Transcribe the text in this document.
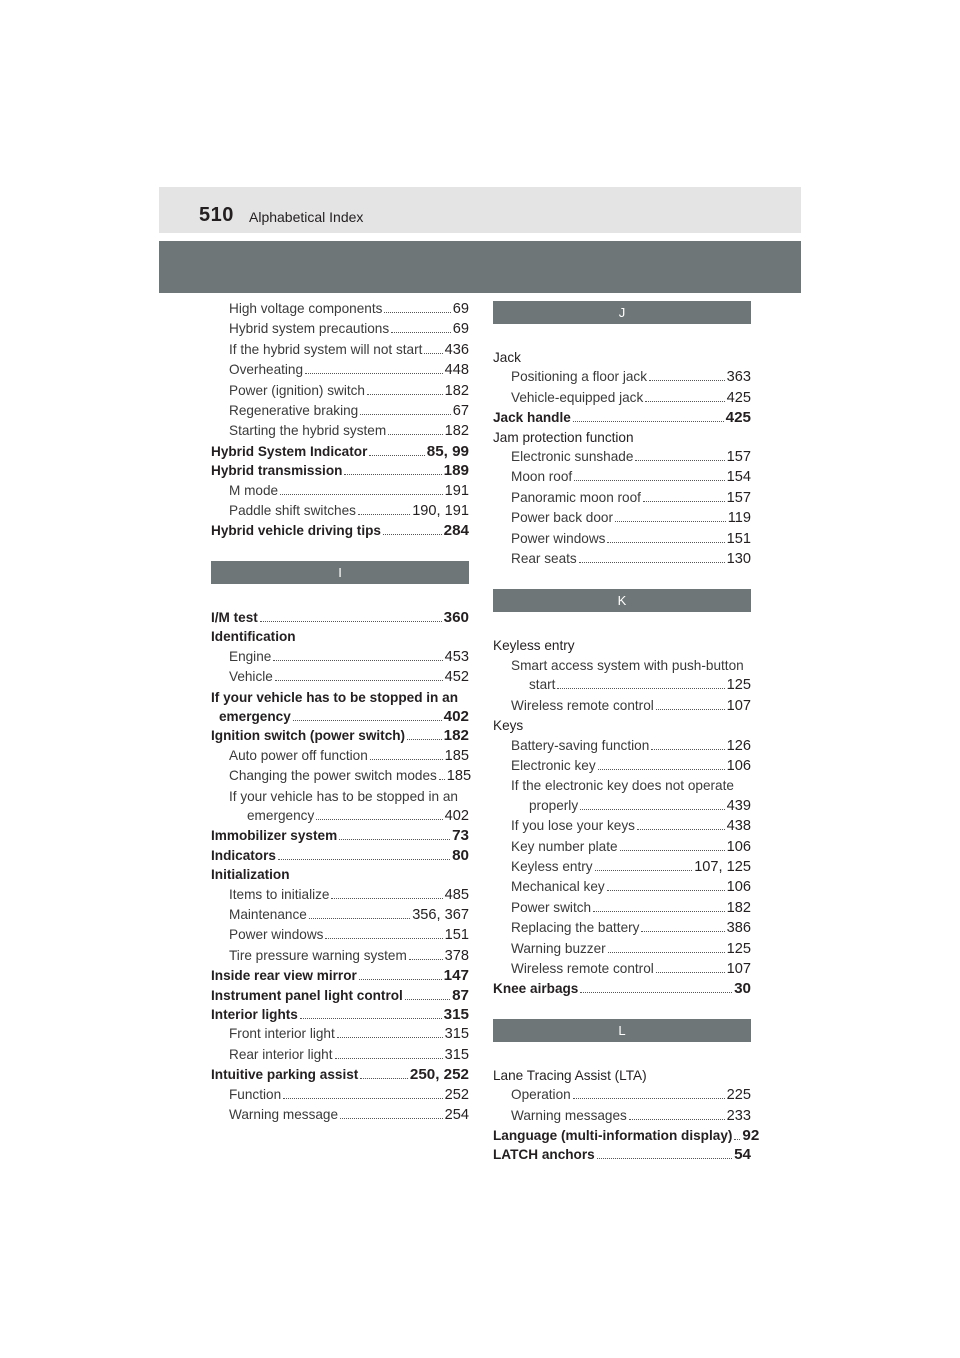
510 Alphabetical Index
High voltage components	69
Hybrid system precautions	69
If the hybrid system will not start 436
Overheating	448
Power (ignition) switch	182
Regenerative braking	67
Starting the hybrid system	182
Hybrid System Indicator	85, 99
Hybrid transmission	189
M mode	191
Paddle shift switches	190, 191
Hybrid vehicle driving tips	284
I
I/M test	360
Identification
Engine	453
Vehicle	452
If your vehicle has to be stopped in an
emergency	402
Ignition switch (power switch)	182
Auto power off function	185
Changing the power switch modes 185
If your vehicle has to be stopped in an
emergency	402
Immobilizer system	73
Indicators	80
Initialization
Items to initialize	485
Maintenance	356, 367
Power windows	151
Tire pressure warning system	378
Inside rear view mirror	147
Instrument panel light control	87
Interior lights	315
Front interior light	315
Rear interior light	315
Intuitive parking assist	250, 252
Function	252
Warning message	254
J
Jack
Positioning a floor jack	363
Vehicle-equipped jack	425
Jack handle	425
Jam protection function
Electronic sunshade	157
Moon roof	154
Panoramic moon roof	157
Power back door	119
Power windows	151
Rear seats	130
K
Keyless entry
Smart access system with push-button
start	125
Wireless remote control	107
Keys
Battery-saving function	126
Electronic key	106
If the electronic key does not operate
properly	439
If you lose your keys	438
Key number plate	106
Keyless entry	107, 125
Mechanical key	106
Power switch	182
Replacing the battery	386
Warning buzzer	125
Wireless remote control	107
Knee airbags	30
L
Lane Tracing Assist (LTA)
Operation	225
Warning messages	233
Language (multi-information display) 92
LATCH anchors	54
